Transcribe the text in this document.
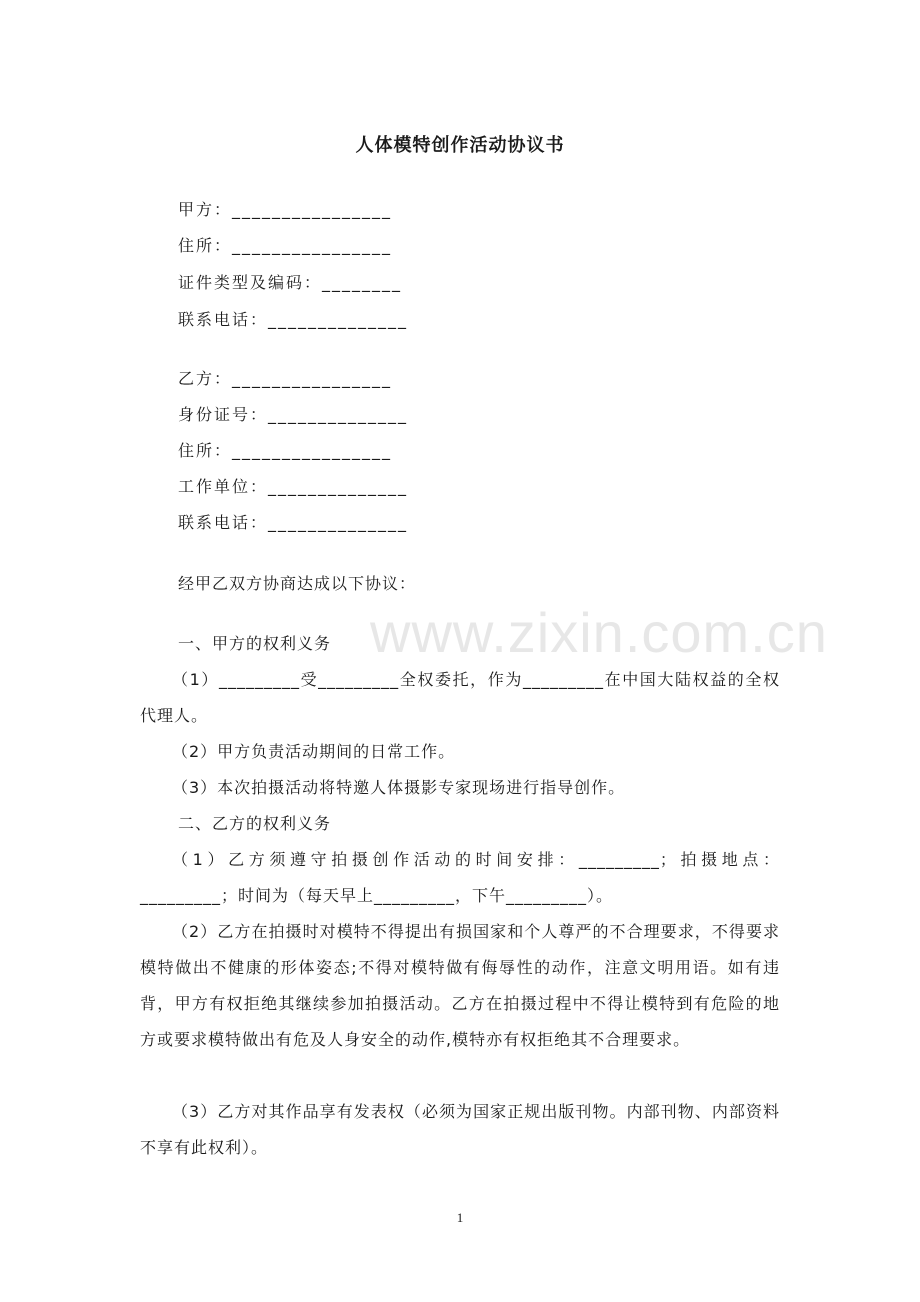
www.zixin.com.cn
人体模特创作活动协议书
甲方：________________
住所：________________
证件类型及编码：________
联系电话：______________
乙方：________________
身份证号：______________
住所：________________
工作单位：______________
联系电话：______________
经甲乙双方协商达成以下协议：
一、甲方的权利义务
（1）_________受_________全权委托，作为_________在中国大陆权益的全权代理人。
（2）甲方负责活动期间的日常工作。
（3）本次拍摄活动将特邀人体摄影专家现场进行指导创作。
二、乙方的权利义务
（1）乙方须遵守拍摄创作活动的时间安排：_________；拍摄地点：_________；时间为（每天早上_________，下午_________）。
（2）乙方在拍摄时对模特不得提出有损国家和个人尊严的不合理要求，不得要求模特做出不健康的形体姿态;不得对模特做有侮辱性的动作，注意文明用语。如有违背，甲方有权拒绝其继续参加拍摄活动。乙方在拍摄过程中不得让模特到有危险的地方或要求模特做出有危及人身安全的动作,模特亦有权拒绝其不合理要求。
（3）乙方对其作品享有发表权（必须为国家正规出版刊物。内部刊物、内部资料不享有此权利）。
1
